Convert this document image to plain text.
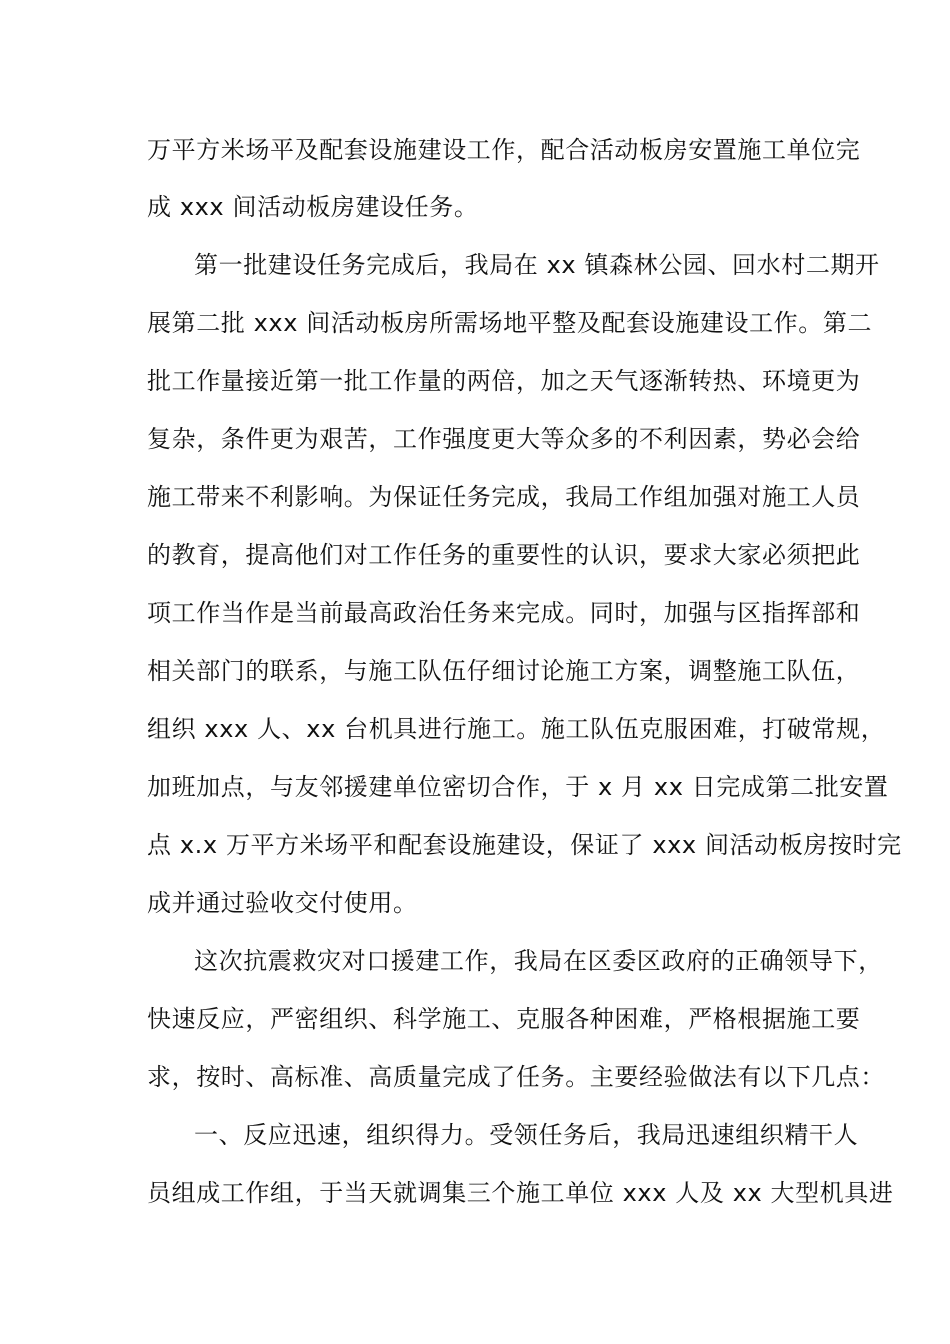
万平方米场平及配套设施建设工作，配合活动板房安置施工单位完
成 xxx 间活动板房建设任务。
第一批建设任务完成后，我局在 xx 镇森林公园、回水村二期开
展第二批 xxx 间活动板房所需场地平整及配套设施建设工作。第二
批工作量接近第一批工作量的两倍，加之天气逐渐转热、环境更为
复杂，条件更为艰苦，工作强度更大等众多的不利因素，势必会给
施工带来不利影响。为保证任务完成，我局工作组加强对施工人员
的教育，提高他们对工作任务的重要性的认识，要求大家必须把此
项工作当作是当前最高政治任务来完成。同时，加强与区指挥部和
相关部门的联系，与施工队伍仔细讨论施工方案，调整施工队伍，
组织 xxx 人、xx 台机具进行施工。施工队伍克服困难，打破常规，
加班加点，与友邻援建单位密切合作，于 x 月 xx 日完成第二批安置
点 x.x 万平方米场平和配套设施建设，保证了 xxx 间活动板房按时完
成并通过验收交付使用。
这次抗震救灾对口援建工作，我局在区委区政府的正确领导下，
快速反应，严密组织、科学施工、克服各种困难，严格根据施工要
求，按时、高标准、高质量完成了任务。主要经验做法有以下几点：
一、反应迅速，组织得力。受领任务后，我局迅速组织精干人
员组成工作组，于当天就调集三个施工单位 xxx 人及 xx 大型机具进
